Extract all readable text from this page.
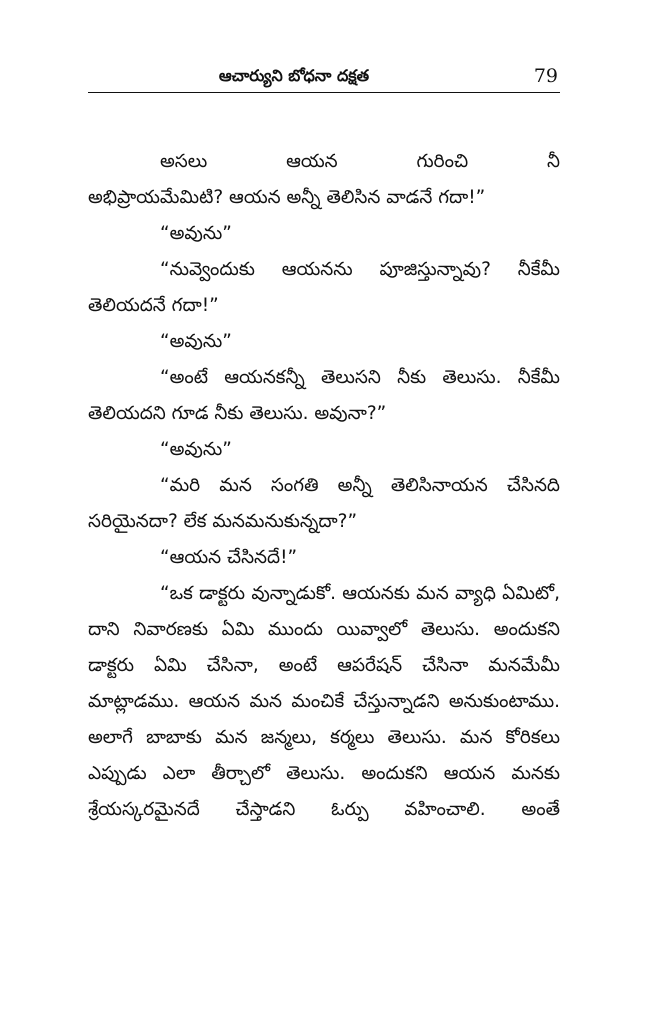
ఆచార్యుని బోధనా దక్షత	79

అసలు ఆయన గురించి నీ

అభిప్రాయమేమిటి? ఆయన అన్నీ తెలిసిన వాడనే గదా!”

“అవును”

“నువ్వెందుకు ఆయనను పూజిస్తున్నావు? నీకేమీ తెలియదనే గదా!”

“అవును”

“అంటే ఆయనకన్నీ తెలుసని నీకు తెలుసు. నీకేమీ తెలియదని గూడ నీకు తెలుసు. అవునా?”

“అవును”

“మరి మన సంగతి అన్నీ తెలిసినాయన చేసినది సరియైనదా? లేక మనమనుకున్నదా?”

“ఆయన చేసినదే!”

“ఒక డాక్టరు వున్నాడుకో. ఆయనకు మన వ్యాధి ఏమిటో, దాని నివారణకు ఏమి ముందు యివ్వాలో తెలుసు. అందుకని డాక్టరు ఏమి చేసినా, అంటే ఆపరేషన్ చేసినా మనమేమీ మాట్లాడము. ఆయన మన మంచికే చేస్తున్నాడని అనుకుంటాము. అలాగే బాబాకు మన జన్మలు, కర్మలు తెలుసు. మన కోరికలు ఎప్పుడు ఎలా తీర్చాలో తెలుసు. అందుకని ఆయన మనకు శ్రేయస్కరమైనదే చేస్తాడని ఓర్పు వహించాలి. అంతే
